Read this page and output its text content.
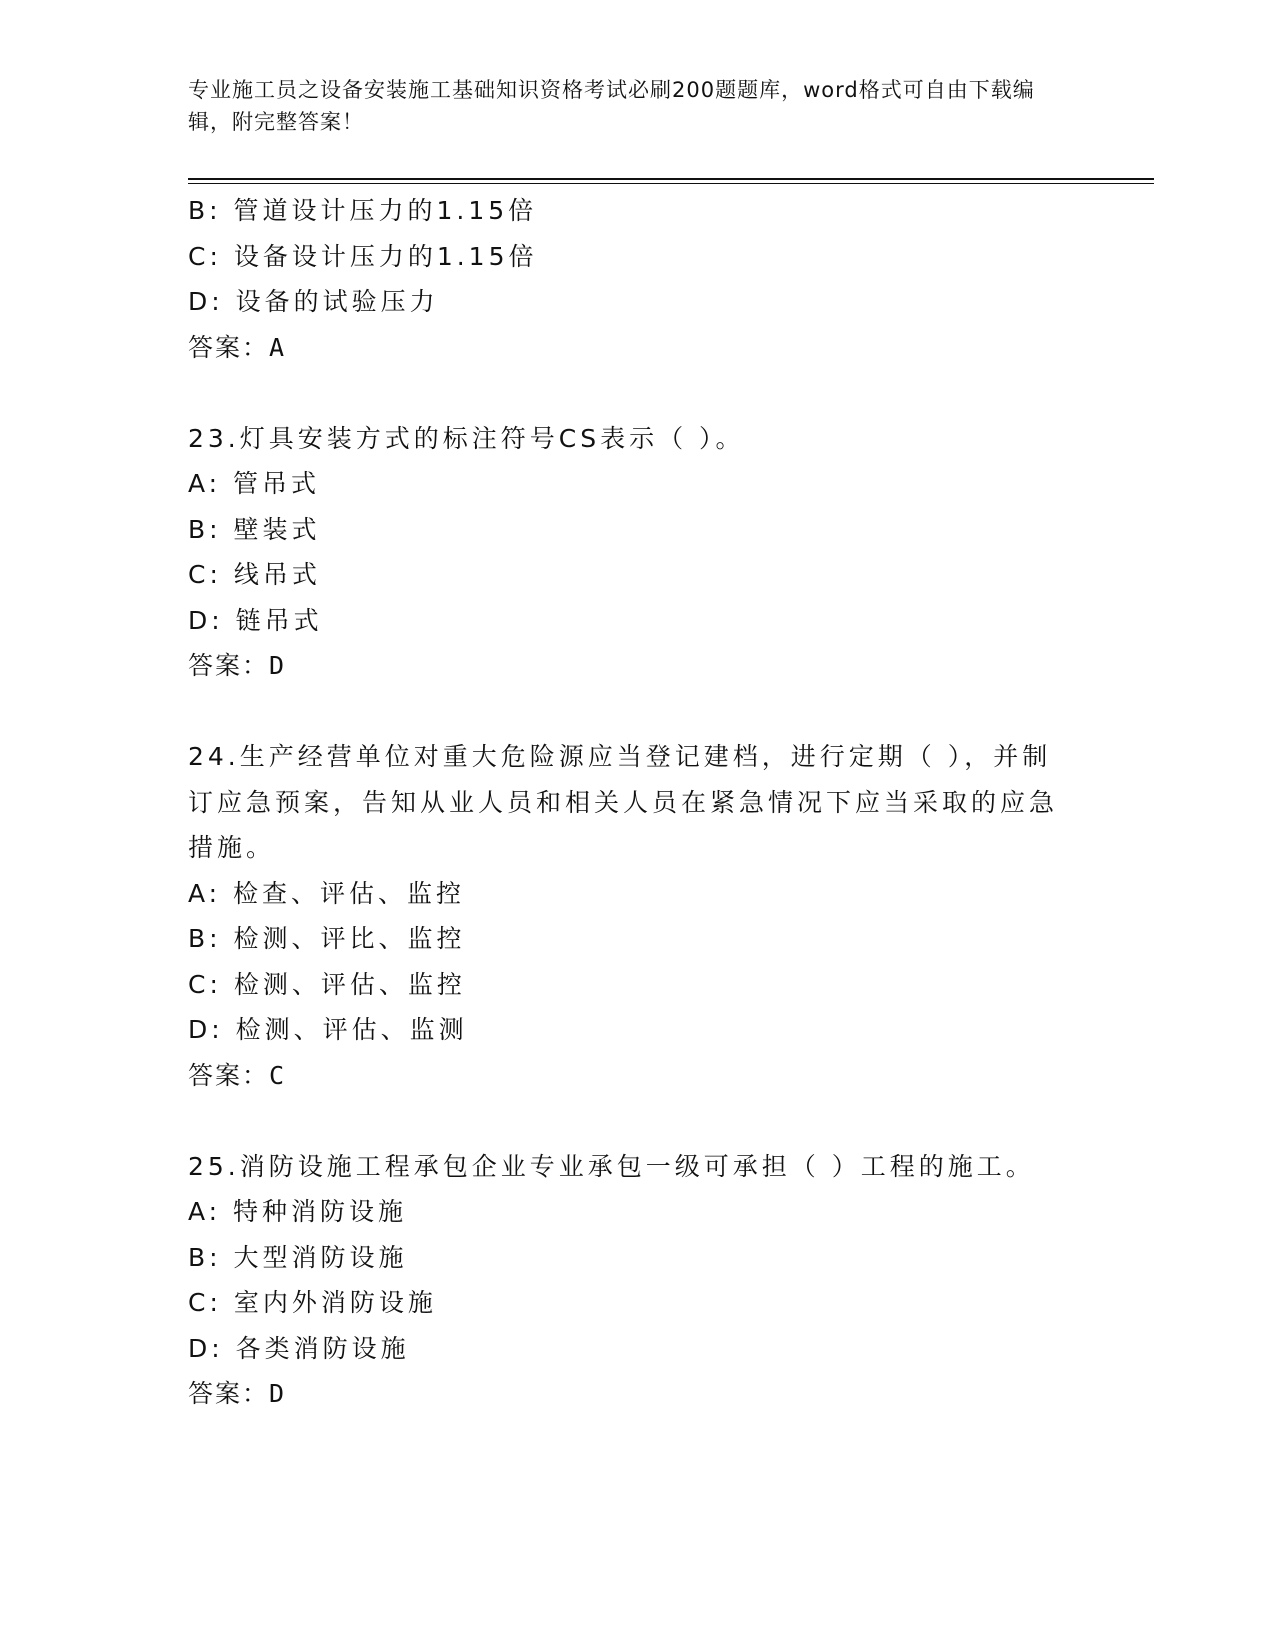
专业施工员之设备安装施工基础知识资格考试必刷200题题库，word格式可自由下载编辑，附完整答案！
B: 管道设计压力的1.15倍
C: 设备设计压力的1.15倍
D: 设备的试验压力
答案：A
23.灯具安装方式的标注符号CS表示（ ）。
A: 管吊式
B: 壁装式
C: 线吊式
D: 链吊式
答案：D
24.生产经营单位对重大危险源应当登记建档，进行定期（ ），并制订应急预案，告知从业人员和相关人员在紧急情况下应当采取的应急措施。
A: 检查、评估、监控
B: 检测、评比、监控
C: 检测、评估、监控
D: 检测、评估、监测
答案：C
25.消防设施工程承包企业专业承包一级可承担（ ）工程的施工。
A: 特种消防设施
B: 大型消防设施
C: 室内外消防设施
D: 各类消防设施
答案：D
